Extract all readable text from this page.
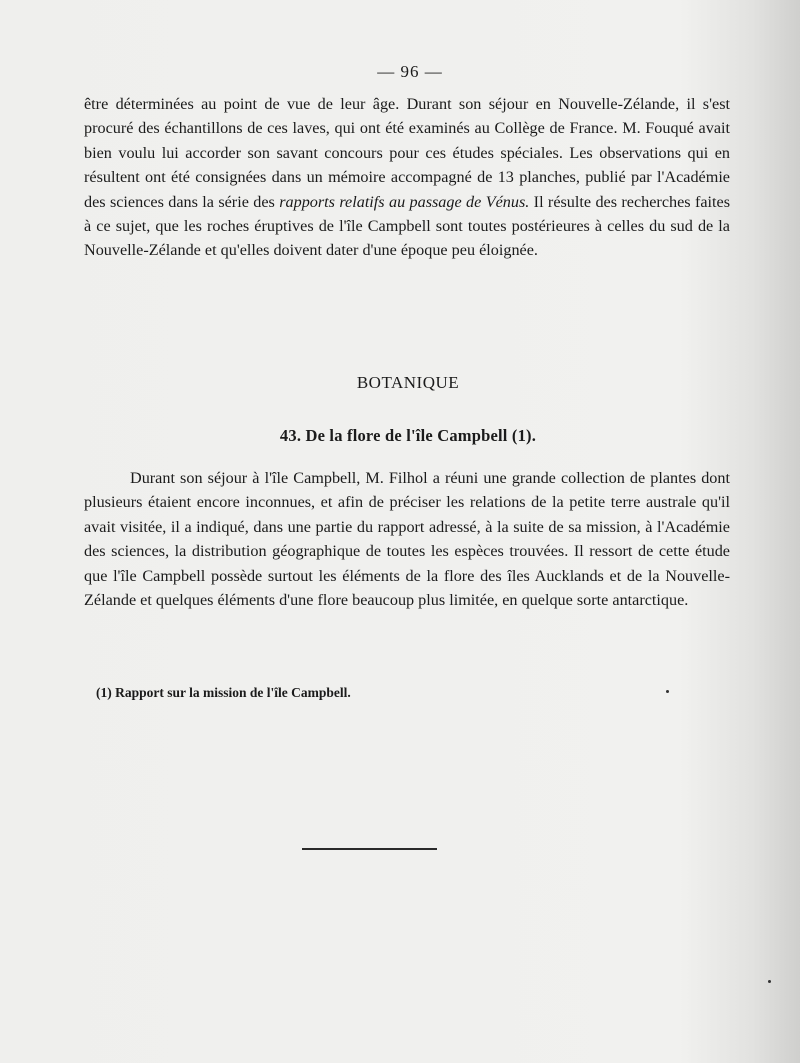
— 96 —

être déterminées au point de vue de leur âge. Durant son séjour en Nouvelle-Zélande, il s'est procuré des échantillons de ces laves, qui ont été examinés au Collège de France. M. Fouqué avait bien voulu lui accorder son savant concours pour ces études spéciales. Les observations qui en résultent ont été consignées dans un mémoire accompagné de 13 planches, publié par l'Académie des sciences dans la série des rapports relatifs au passage de Vénus. Il résulte des recherches faites à ce sujet, que les roches éruptives de l'île Campbell sont toutes postérieures à celles du sud de la Nouvelle-Zélande et qu'elles doivent dater d'une époque peu éloignée.

BOTANIQUE
43. De la flore de l'île Campbell (1).

Durant son séjour à l'île Campbell, M. Filhol a réuni une grande collection de plantes dont plusieurs étaient encore inconnues, et afin de préciser les relations de la petite terre australe qu'il avait visitée, il a indiqué, dans une partie du rapport adressé, à la suite de sa mission, à l'Académie des sciences, la distribution géographique de toutes les espèces trouvées. Il ressort de cette étude que l'île Campbell possède surtout les éléments de la flore des îles Aucklands et de la Nouvelle-Zélande et quelques éléments d'une flore beaucoup plus limitée, en quelque sorte antarctique.

(1) Rapport sur la mission de l'île Campbell.
